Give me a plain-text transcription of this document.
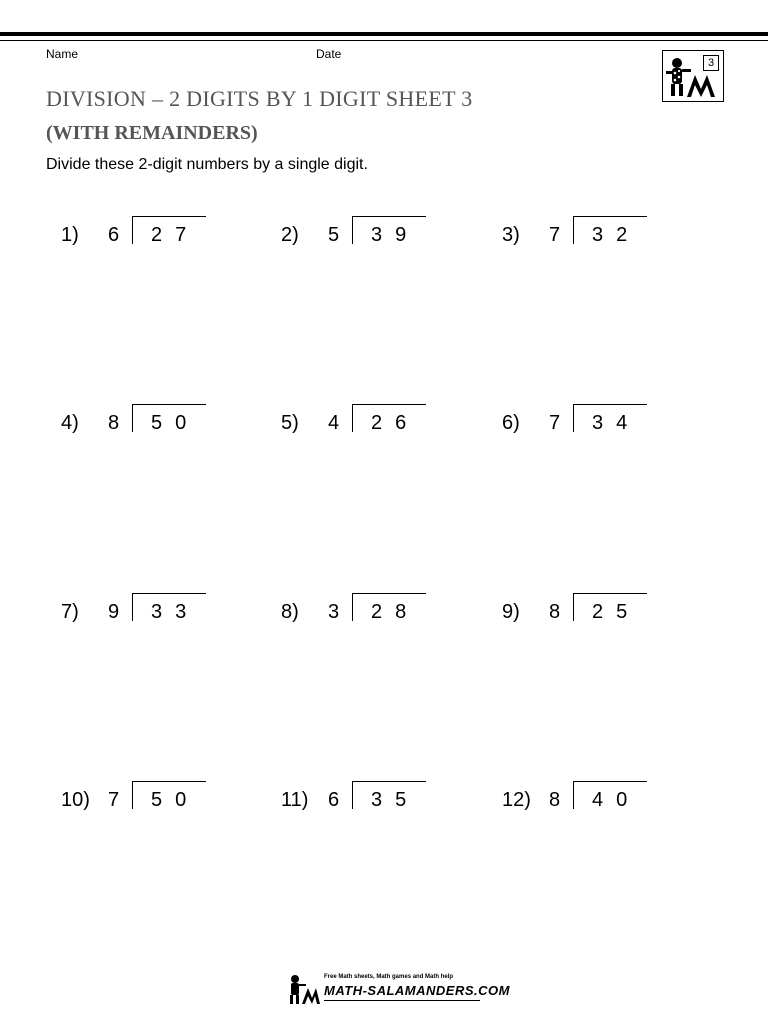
Name	Date
3
DIVISION – 2 DIGITS BY 1 DIGIT SHEET 3
(WITH REMAINDERS)

Divide these 2-digit numbers by a single digit.

1) 6 27	2) 5 39	3) 7 32
4) 8 50	5) 4 26	6) 7 34
7) 9 33	8) 3 28	9) 8 25
10) 7 50	11) 6 35	12) 8 40
Free Math sheets, Math games and Math help
MATH-SALAMANDERS.COM
